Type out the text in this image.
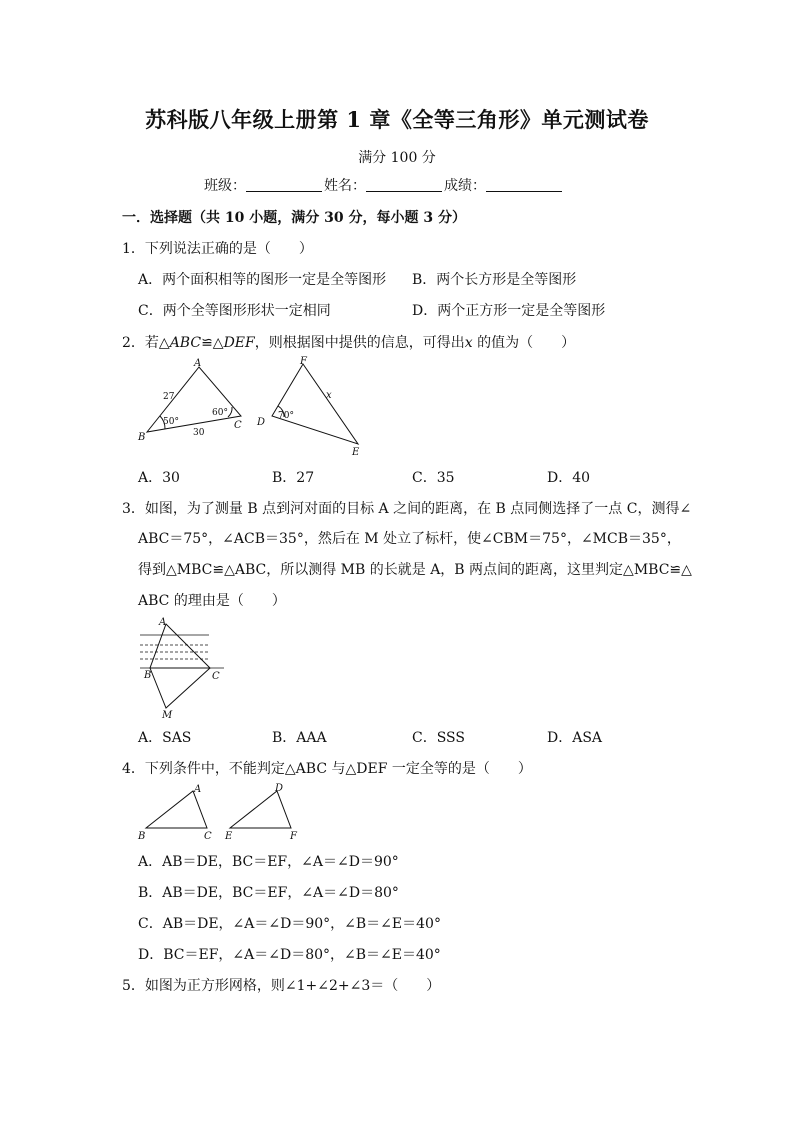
苏科版八年级上册第 1 章《全等三角形》单元测试卷
满分 100 分
班级：	姓名：	成绩：
一．选择题（共 10 小题，满分 30 分，每小题 3 分）
1．下列说法正确的是（　　）
A．两个面积相等的图形一定是全等图形 B．两个长方形是全等图形
C．两个全等图形形状一定相同	D．两个正方形一定是全等图形
2．若△ABC≌△DEF，则根据图中提供的信息，可得出x 的值为（　　）
A
B
C
F
D
E
x
27
30
50°
60°	70°
A．30	B．27	C．35	D．40
3．如图，为了测量 B 点到河对面的目标 A 之间的距离，在 B 点同侧选择了一点 C，测得∠
ABC＝75°，∠ACB＝35°，然后在 M 处立了标杆，使∠CBM＝75°，∠MCB＝35°，
得到△MBC≌△ABC，所以测得 MB 的长就是 A，B 两点间的距离，这里判定△MBC≌△
ABC 的理由是（　　）
A
B	C
M
A．SAS	B．AAA	C．SSS	D．ASA
4．下列条件中，不能判定△ABC 与△DEF 一定全等的是（　　）
A
B	C
D
E	F
A．AB＝DE，BC＝EF，∠A＝∠D＝90°
B．AB＝DE，BC＝EF，∠A＝∠D＝80°
C．AB＝DE，∠A＝∠D＝90°，∠B＝∠E＝40°
D．BC＝EF，∠A＝∠D＝80°，∠B＝∠E＝40°
5．如图为正方形网格，则∠1+∠2+∠3＝（　　）
